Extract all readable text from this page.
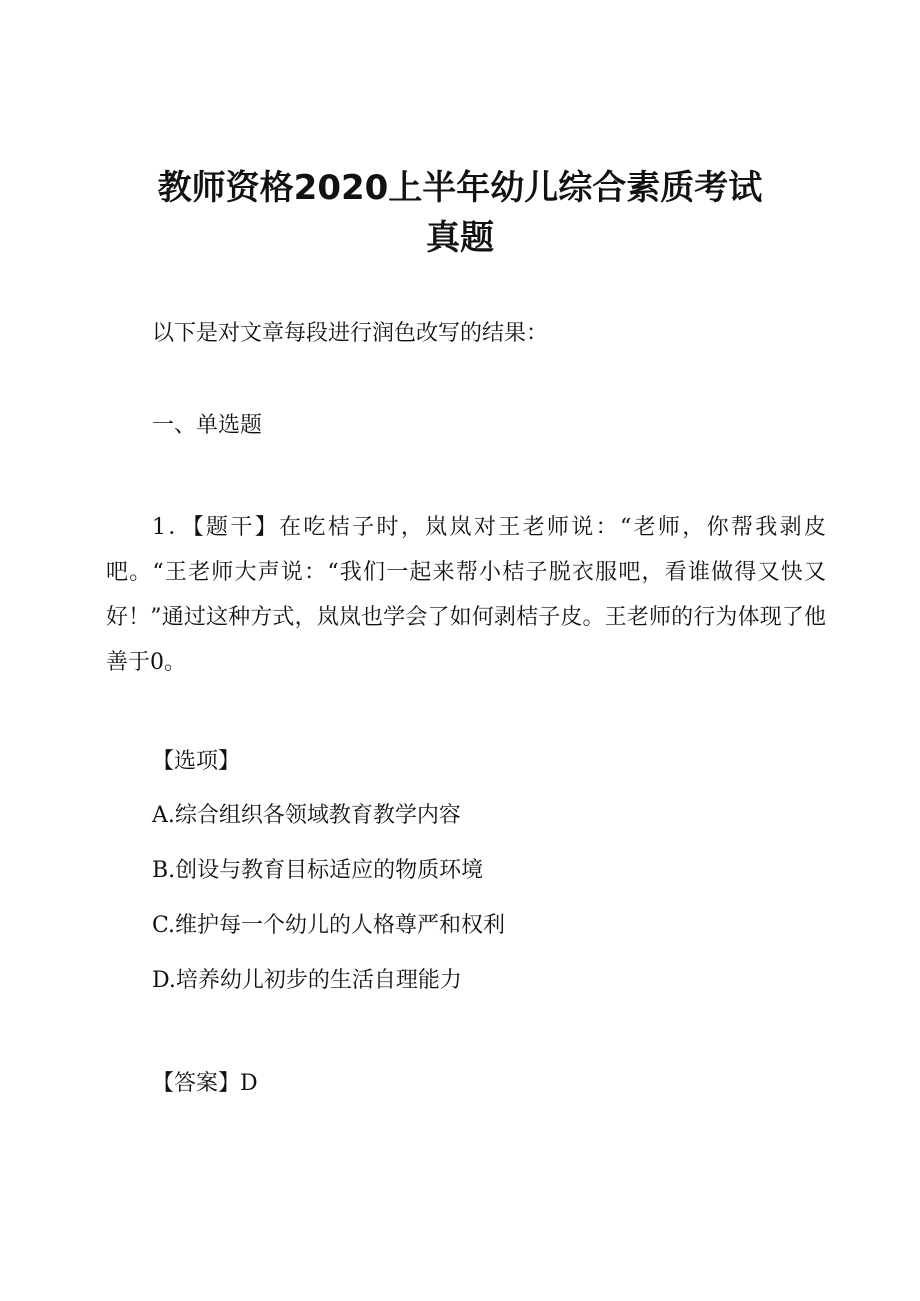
教师资格2020上半年幼儿综合素质考试
真题
以下是对文章每段进行润色改写的结果：
一、单选题
1．【题干】在吃桔子时，岚岚对王老师说：“老师，你帮我剥皮吧。“王老师大声说：“我们一起来帮小桔子脱衣服吧，看谁做得又快又好！”通过这种方式，岚岚也学会了如何剥桔子皮。王老师的行为体现了他善于0。
【选项】
A.综合组织各领域教育教学内容
B.创设与教育目标适应的物质环境
C.维护每一个幼儿的人格尊严和权利
D.培养幼儿初步的生活自理能力
【答案】D
